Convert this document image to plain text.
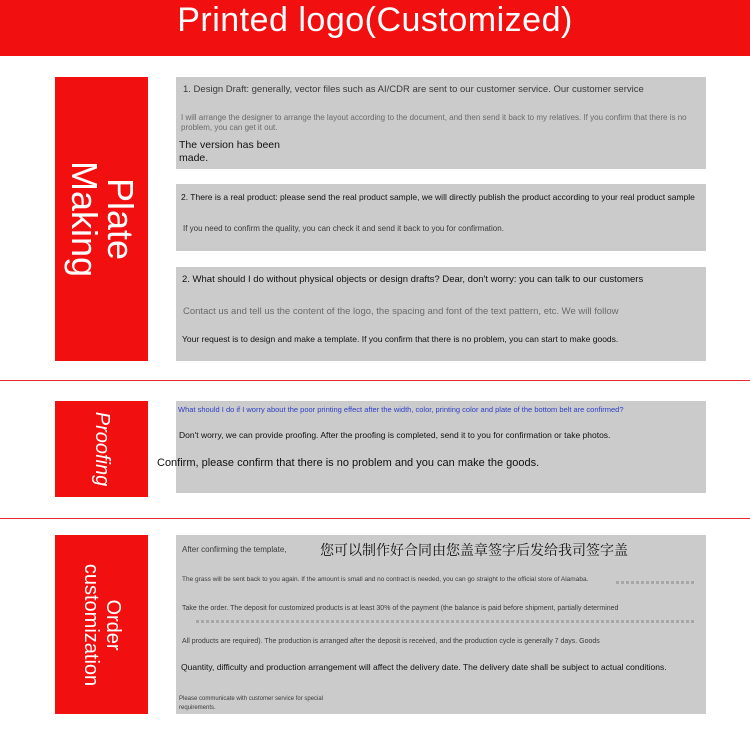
Printed logo(Customized)
Plate
Making
1. Design Draft: generally, vector files such as AI/CDR are sent to our customer service. Our customer service
I will arrange the designer to arrange the layout according to the document, and then send it back to my relatives. If you confirm that there is no problem, you can get it out.
The version has been made.
2. There is a real product: please send the real product sample, we will directly publish the product according to your real product sample
If you need to confirm the quality, you can check it and send it back to you for confirmation.
2. What should I do without physical objects or design drafts? Dear, don't worry: you can talk to our customers
Contact us and tell us the content of the logo, the spacing and font of the text pattern, etc. We will follow
Your request is to design and make a template. If you confirm that there is no problem, you can start to make goods.
Proofing
What should I do if I worry about the poor printing effect after the width, color, printing color and plate of the bottom belt are confirmed?
Don't worry, we can provide proofing. After the proofing is completed, send it to you for confirmation or take photos.
Confirm, please confirm that there is no problem and you can make the goods.
Order
customization
After confirming the template,	您可以制作好合同由您盖章签字后发给我司签字盖
The grass will be sent back to you again. If the amount is small and no contract is needed, you can go straight to the official store of Alamaba.
Take the order. The deposit for customized products is at least 30% of the payment (the balance is paid before shipment, partially determined
All products are required). The production is arranged after the deposit is received, and the production cycle is generally 7 days. Goods
Quantity, difficulty and production arrangement will affect the delivery date. The delivery date shall be subject to actual conditions.
Please communicate with customer service for special requirements.
